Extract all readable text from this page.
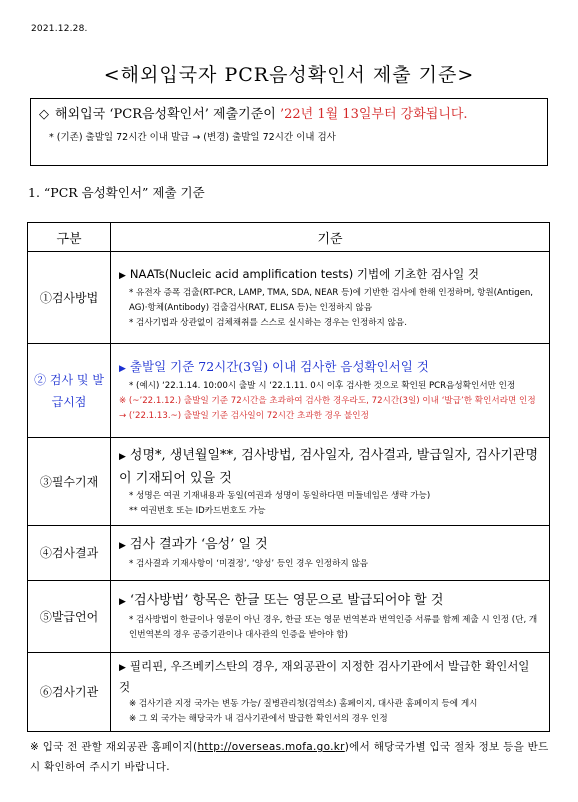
2021.12.28.
<해외입국자 PCR음성확인서 제출 기준>
◇ 해외입국 ‘PCR음성확인서’ 제출기준이 ’22년 1월 13일부터 강화됩니다.
* (기존) 출발일 72시간 이내 발급 → (변경) 출발일 72시간 이내 검사
1. “PCR 음성확인서” 제출 기준
구분	기준
①검사방법	▶ NAATs(Nucleic acid amplification tests) 기법에 기초한 검사일 것
* 유전자 증폭 검출(RT-PCR, LAMP, TMA, SDA, NEAR 등)에 기반한 검사에 한해 인정하며, 항원(Antigen, AG)·항체(Antibody) 검출검사(RAT, ELISA 등)는 인정하지 않음
* 검사기법과 상관없이 검체채취를 스스로 실시하는 경우는 인정하지 않음.

② 검사 및 발급시점	▶ 출발일 기준 72시간(3일) 이내 검사한 음성확인서일 것
* (예시) ‘22.1.14. 10:00시 출발 시 ‘22.1.11. 0시 이후 검사한 것으로 확인된 PCR음성확인서만 인정
※ (~’22.1.12.) 출발일 기준 72시간을 초과하여 검사한 경우라도, 72시간(3일) 이내 ‘발급’한 확인서라면 인정 → (’22.1.13.~) 출발일 기준 검사일이 72시간 초과한 경우 불인정

③필수기재	▶ 성명*, 생년월일**, 검사방법, 검사일자, 검사결과, 발급일자, 검사기관명이 기재되어 있을 것
* 성명은 여권 기재내용과 동일(여권과 성명이 동일하다면 미들네임은 생략 가능)
** 여권번호 또는 ID카드번호도 가능

④검사결과	▶ 검사 결과가 ‘음성’ 일 것
* 검사결과 기재사항이 ‘미결정’, ‘양성’ 등인 경우 인정하지 않음

⑤발급언어	▶ ‘검사방법’ 항목은 한글 또는 영문으로 발급되어야 할 것
* 검사방법이 한글이나 영문이 아닌 경우, 한글 또는 영문 번역본과 번역인증 서류를 함께 제출 시 인정 (단, 개인번역본의 경우 공증기관이나 대사관의 인증을 받아야 함)

⑥검사기관	▶ 필리핀, 우즈베키스탄의 경우, 재외공관이 지정한 검사기관에서 발급한 확인서일 것
※ 검사기관 지정 국가는 변동 가능/ 질병관리청(검역소) 홈페이지, 대사관 홈페이지 등에 게시
※ 그 외 국가는 해당국가 내 검사기관에서 발급한 확인서의 경우 인정
※ 입국 전 관할 재외공관 홈페이지(http://overseas.mofa.go.kr)에서 해당국가별 입국 절차 정보 등을 반드시 확인하여 주시기 바랍니다.
